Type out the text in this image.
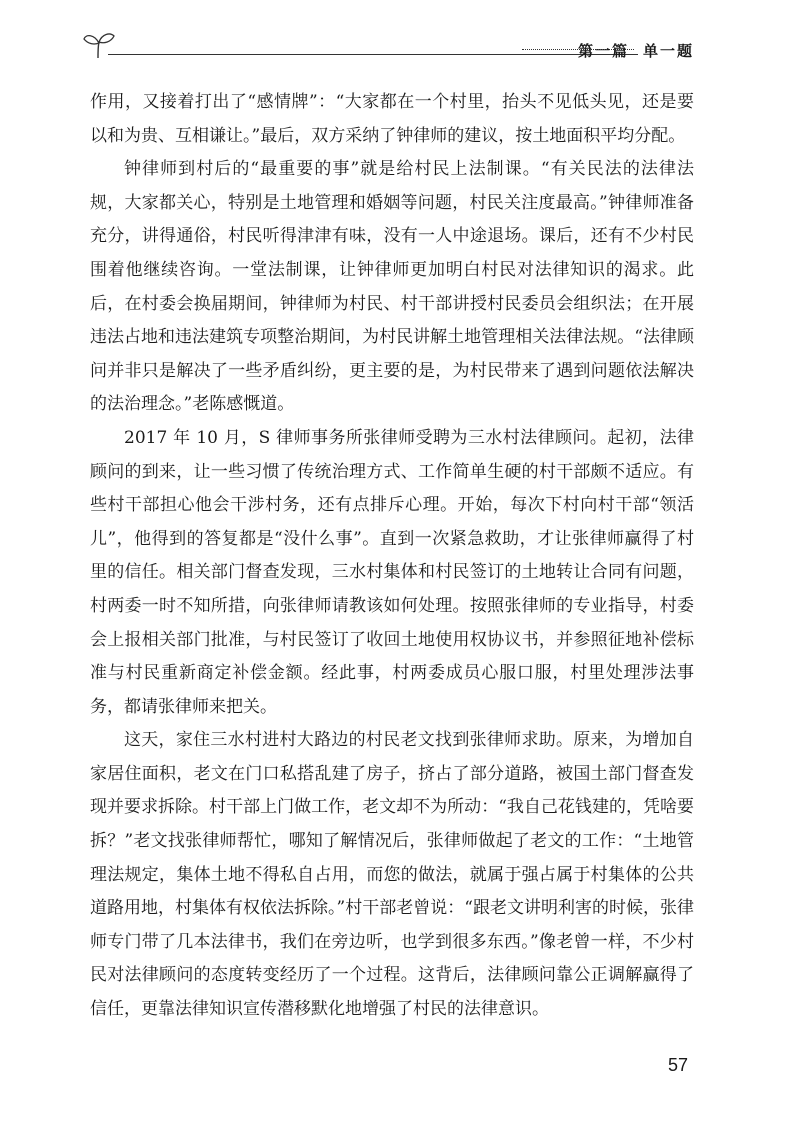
第一篇 单一题

作用，又接着打出了“感情牌”：“大家都在一个村里，抬头不见低头见，还是要以和为贵、互相谦让。”最后，双方采纳了钟律师的建议，按土地面积平均分配。

钟律师到村后的“最重要的事”就是给村民上法制课。“有关民法的法律法规，大家都关心，特别是土地管理和婚姻等问题，村民关注度最高。”钟律师准备充分，讲得通俗，村民听得津津有味，没有一人中途退场。课后，还有不少村民围着他继续咨询。一堂法制课，让钟律师更加明白村民对法律知识的渴求。此后，在村委会换届期间，钟律师为村民、村干部讲授村民委员会组织法；在开展违法占地和违法建筑专项整治期间，为村民讲解土地管理相关法律法规。“法律顾问并非只是解决了一些矛盾纠纷，更主要的是，为村民带来了遇到问题依法解决的法治理念。”老陈感慨道。

2017 年 10 月，S 律师事务所张律师受聘为三水村法律顾问。起初，法律顾问的到来，让一些习惯了传统治理方式、工作简单生硬的村干部颇不适应。有些村干部担心他会干涉村务，还有点排斥心理。开始，每次下村向村干部“领活儿”，他得到的答复都是“没什么事”。直到一次紧急救助，才让张律师赢得了村里的信任。相关部门督查发现，三水村集体和村民签订的土地转让合同有问题，村两委一时不知所措，向张律师请教该如何处理。按照张律师的专业指导，村委会上报相关部门批准，与村民签订了收回土地使用权协议书，并参照征地补偿标准与村民重新商定补偿金额。经此事，村两委成员心服口服，村里处理涉法事务，都请张律师来把关。

这天，家住三水村进村大路边的村民老文找到张律师求助。原来，为增加自家居住面积，老文在门口私搭乱建了房子，挤占了部分道路，被国土部门督查发现并要求拆除。村干部上门做工作，老文却不为所动：“我自己花钱建的，凭啥要拆？”老文找张律师帮忙，哪知了解情况后，张律师做起了老文的工作：“土地管理法规定，集体土地不得私自占用，而您的做法，就属于强占属于村集体的公共道路用地，村集体有权依法拆除。”村干部老曾说：“跟老文讲明利害的时候，张律师专门带了几本法律书，我们在旁边听，也学到很多东西。”像老曾一样，不少村民对法律顾问的态度转变经历了一个过程。这背后，法律顾问靠公正调解赢得了信任，更靠法律知识宣传潜移默化地增强了村民的法律意识。

57
